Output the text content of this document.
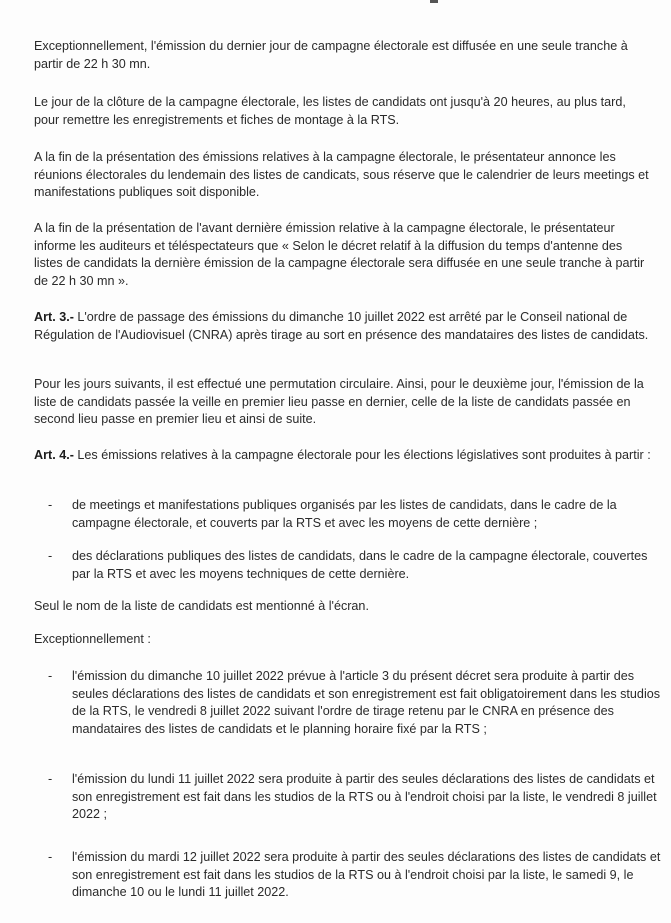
Exceptionnellement, l'émission du dernier jour de campagne électorale est diffusée en une seule tranche à partir de 22 h 30 mn.

Le jour de la clôture de la campagne électorale, les listes de candidats ont jusqu'à 20 heures, au plus tard, pour remettre les enregistrements et fiches de montage à la RTS.

A la fin de la présentation des émissions relatives à la campagne électorale, le présentateur annonce les réunions électorales du lendemain des listes de candicats, sous réserve que le calendrier de leurs meetings et manifestations publiques soit disponible.

A la fin de la présentation de l'avant dernière émission relative à la campagne électorale, le présentateur informe les auditeurs et téléspectateurs que « Selon le décret relatif à la diffusion du temps d'antenne des listes de candidats la dernière émission de la campagne électorale sera diffusée en une seule tranche à partir de 22 h 30 mn ».

Art. 3.- L'ordre de passage des émissions du dimanche 10 juillet 2022 est arrêté par le Conseil national de Régulation de l'Audiovisuel (CNRA) après tirage au sort en présence des mandataires des listes de candidats.

Pour les jours suivants, il est effectué une permutation circulaire. Ainsi, pour le deuxième jour, l'émission de la liste de candidats passée la veille en premier lieu passe en dernier, celle de la liste de candidats passée en second lieu passe en premier lieu et ainsi de suite.

Art. 4.- Les émissions relatives à la campagne électorale pour les élections législatives sont produites à partir :

- de meetings et manifestations publiques organisés par les listes de candidats, dans le cadre de la campagne électorale, et couverts par la RTS et avec les moyens de cette dernière ;
- des déclarations publiques des listes de candidats, dans le cadre de la campagne électorale, couvertes par la RTS et avec les moyens techniques de cette dernière.

Seul le nom de la liste de candidats est mentionné à l'écran.

Exceptionnellement :

- l'émission du dimanche 10 juillet 2022 prévue à l'article 3 du présent décret sera produite à partir des seules déclarations des listes de candidats et son enregistrement est fait obligatoirement dans les studios de la RTS, le vendredi 8 juillet 2022 suivant l'ordre de tirage retenu par le CNRA en présence des mandataires des listes de candidats et le planning horaire fixé par la RTS ;
- l'émission du lundi 11 juillet 2022 sera produite à partir des seules déclarations des listes de candidats et son enregistrement est fait dans les studios de la RTS ou à l'endroit choisi par la liste, le vendredi 8 juillet 2022 ;
- l'émission du mardi 12 juillet 2022 sera produite à partir des seules déclarations des listes de candidats et son enregistrement est fait dans les studios de la RTS ou à l'endroit choisi par la liste, le samedi 9, le dimanche 10 ou le lundi 11 juillet 2022.
